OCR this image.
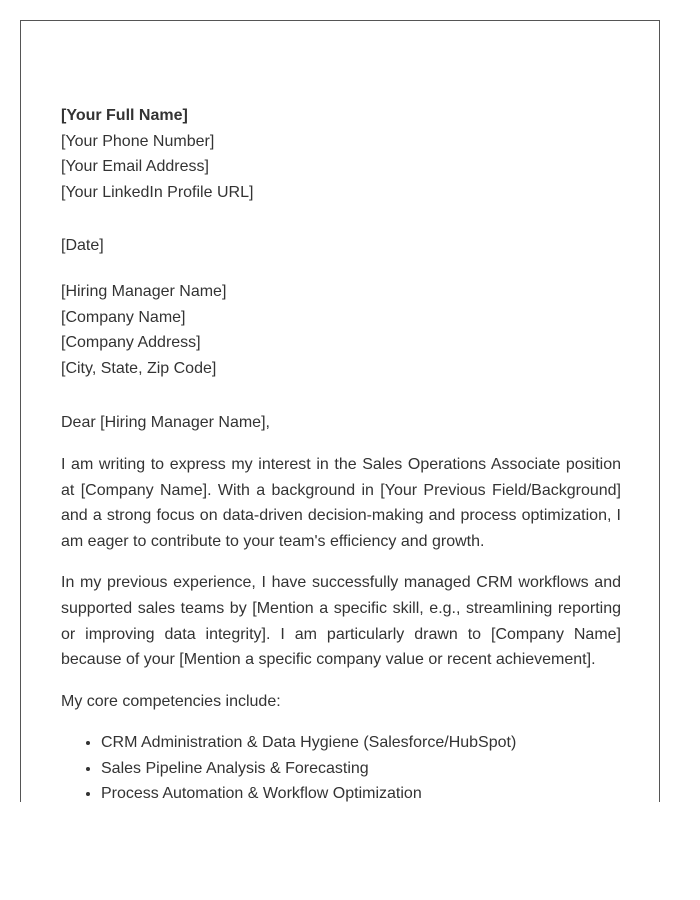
[Your Full Name]
[Your Phone Number]
[Your Email Address]
[Your LinkedIn Profile URL]
[Date]
[Hiring Manager Name]
[Company Name]
[Company Address]
[City, State, Zip Code]
Dear [Hiring Manager Name],

I am writing to express my interest in the Sales Operations Associate position at [Company Name]. With a background in [Your Previous Field/Background] and a strong focus on data-driven decision-making and process optimization, I am eager to contribute to your team's efficiency and growth.

In my previous experience, I have successfully managed CRM workflows and supported sales teams by [Mention a specific skill, e.g., streamlining reporting or improving data integrity]. I am particularly drawn to [Company Name] because of your [Mention a specific company value or recent achievement].

My core competencies include:

• CRM Administration & Data Hygiene (Salesforce/HubSpot)
• Sales Pipeline Analysis & Forecasting
• Process Automation & Workflow Optimization
